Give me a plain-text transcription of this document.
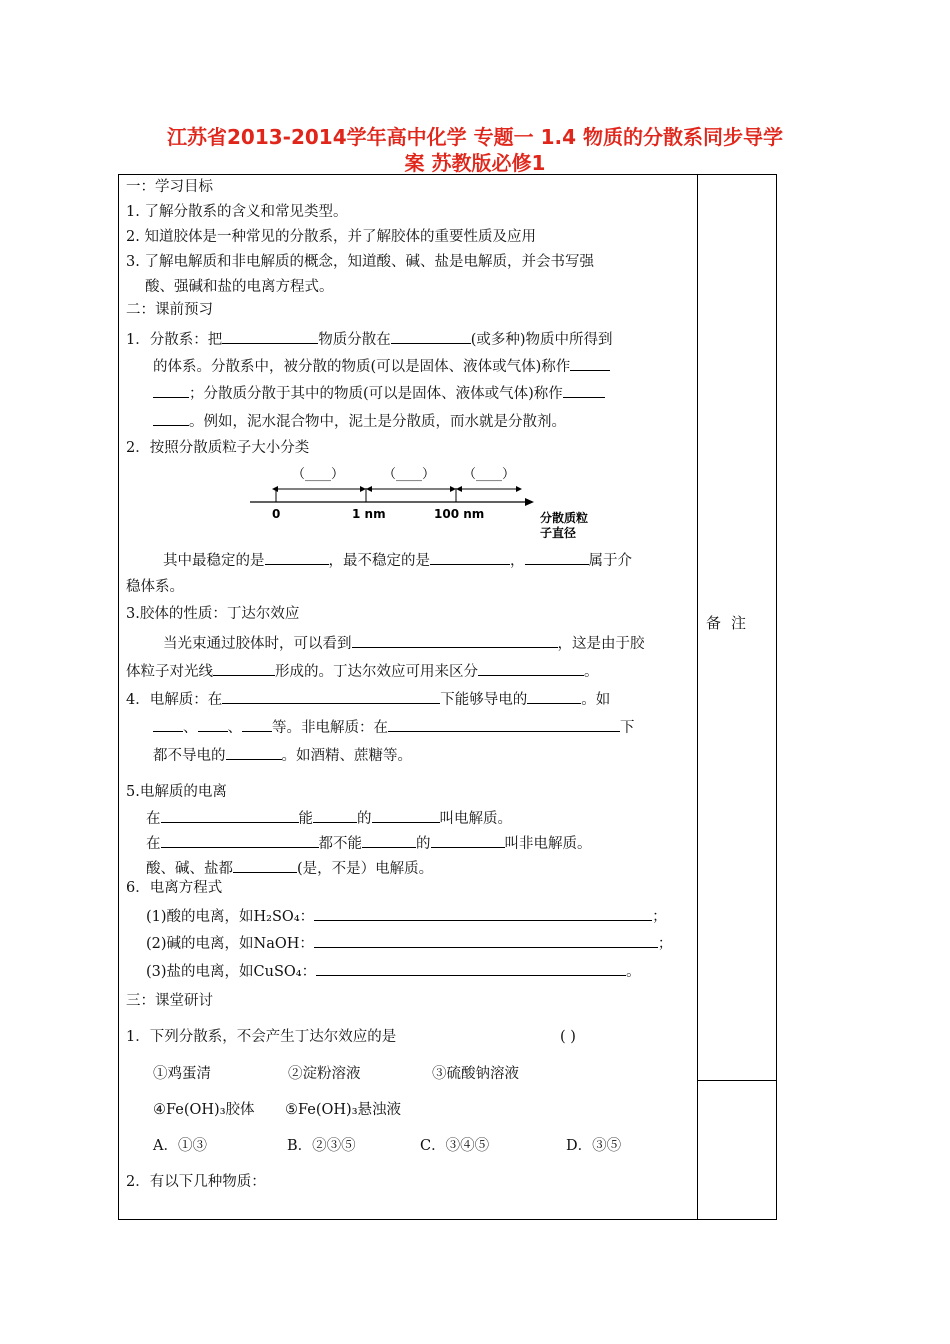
江苏省2013-2014学年高中化学 专题一 1.4 物质的分散系同步导学
案 苏教版必修1
备注
一：学习目标
1. 了解分散系的含义和常见类型。
2. 知道胶体是一种常见的分散系，并了解胶体的重要性质及应用
3. 了解电解质和非电解质的概念，知道酸、碱、盐是电解质，并会书写强
酸、强碱和盐的电离方程式。
二：课前预习
1．分散系：把	物质分散在	(或多种)物质中所得到
的体系。分散系中，被分散的物质(可以是固体、液体或气体)称作
；分散质分散于其中的物质(可以是固体、液体或气体)称作
。例如，泥水混合物中，泥土是分散质，而水就是分散剂。
2．按照分散质粒子大小分类
（____）	（____） （____）
0	1 nm	100 nm	分散质粒
子直径
其中最稳定的是	，最不稳定的是	，	属于介
稳体系。
3.胶体的性质：丁达尔效应
当光束通过胶体时，可以看到	，这是由于胶
体粒子对光线	形成的。丁达尔效应可用来区分	。
4．电解质：在	下能够导电的	。如
、 、 等。非电解质：在	下
都不导电的	。如酒精、蔗糖等。
5.电解质的电离
在	能	的	叫电解质。
在	都不能	的	叫非电解质。
酸、碱、盐都	(是，不是）电解质。
6．电离方程式
(1)酸的电离，如H₂SO₄：	；
(2)碱的电离，如NaOH：	；
(3)盐的电离，如CuSO₄：	。
三：课堂研讨
1．下列分散系，不会产生丁达尔效应的是	( )
①鸡蛋清	②淀粉溶液	③硫酸钠溶液
④Fe(OH)₃胶体 ⑤Fe(OH)₃悬浊液
A．①③	B．②③⑤	C．③④⑤	D．③⑤
2．有以下几种物质：
